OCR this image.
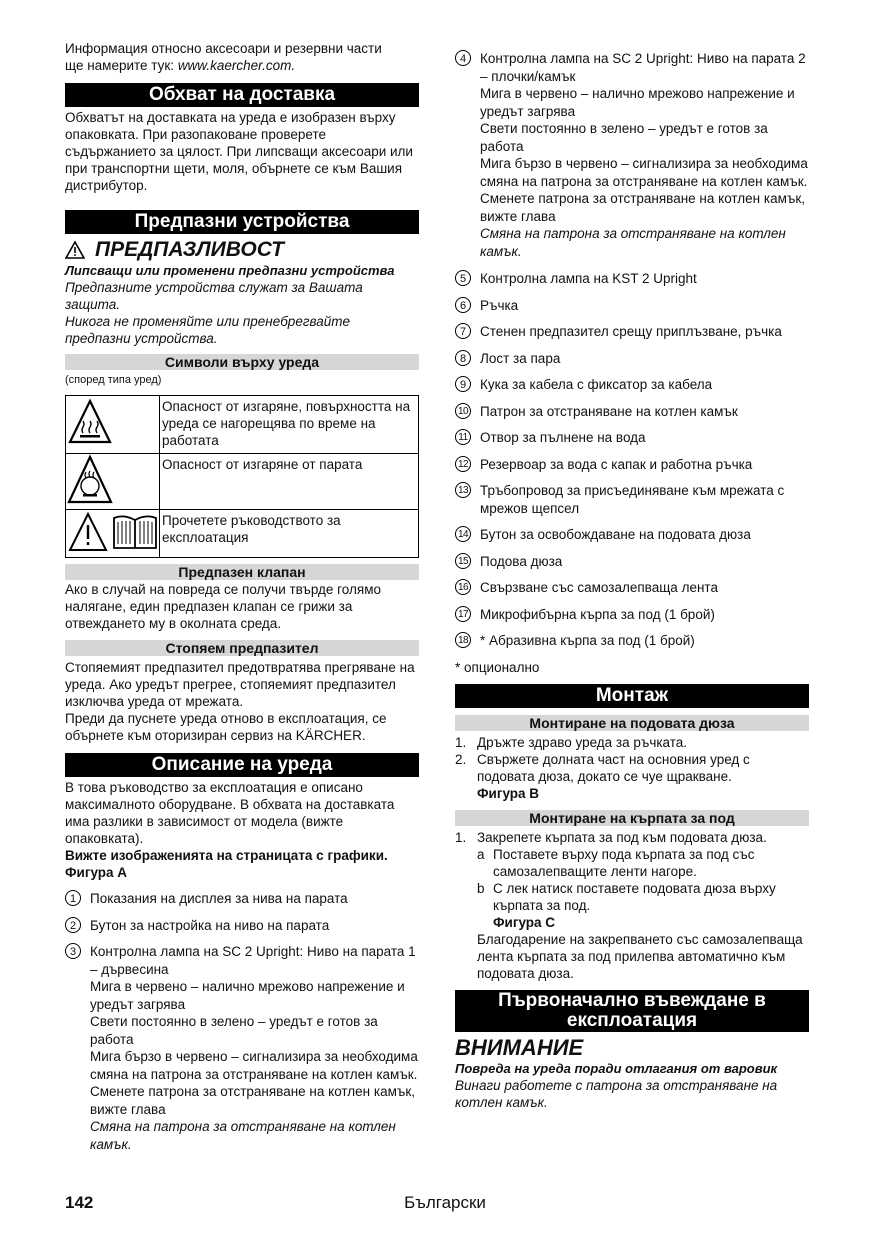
Информация относно аксесоари и резервни части
ще намерите тук: www.kaercher.com.

Обхват на доставка

Обхватът на доставката на уреда е изобразен върху опаковката. При разопаковане проверете съдържанието за цялост. При липсващи аксесоари или при транспортни щети, моля, обърнете се към Вашия дистрибутор.

Предпазни устройства
ПРЕДПАЗЛИВОСТ

Липсващи или променени предпазни устройства

Предпазните устройства служат за Вашата защита.

Никога не променяйте или пренебрегвайте предпазни устройства.

Символи върху уреда

(според типа уред)

	Опасност от изгаряне, повърхността на уреда се нагорещява по време на работата
	Опасност от изгаряне от парата
	Прочетете ръководството за експлоатация
Предпазен клапан

Ако в случай на повреда се получи твърде голямо налягане, един предпазен клапан се грижи за отвеждането му в околната среда.

Стопяем предпазител

Стопяемият предпазител предотвратява прегряване на уреда. Ако уредът прегрее, стопяемият предпазител изключва уреда от мрежата.

Преди да пуснете уреда отново в експлоатация, се обърнете към оторизиран сервиз на KÄRCHER.

Описание на уреда

В това ръководство за експлоатация е описано максималното оборудване. В обхвата на доставката има разлики в зависимост от модела (вижте опаковката).

Вижте изображенията на страницата с графики.

Фигура А

1	Показания на дисплея за нива на парата
2	Бутон за настройка на ниво на парата
3	Контролна лампа на SC 2 Upright: Ниво на парата 1 – дървесина
Мига в червено – налично мрежово напрежение и уредът загрява
Свети постоянно в зелено – уредът е готов за работа
Мига бързо в червено – сигнализира за необходима смяна на патрона за отстраняване на котлен камък. Сменете патрона за отстраняване на котлен камък, вижте глава
Смяна на патрона за отстраняване на котлен камък.
4	Контролна лампа на SC 2 Upright: Ниво на парата 2 – плочки/камък
Мига в червено – налично мрежово напрежение и уредът загрява
Свети постоянно в зелено – уредът е готов за работа
Мига бързо в червено – сигнализира за необходима смяна на патрона за отстраняване на котлен камък. Сменете патрона за отстраняване на котлен камък, вижте глава
Смяна на патрона за отстраняване на котлен камък.
5	Контролна лампа на KST 2 Upright
6	Ръчка
7	Стенен предпазител срещу приплъзване, ръчка
8	Лост за пара
9	Кука за кабела с фиксатор за кабела
10 Патрон за отстраняване на котлен камък
11 Отвор за пълнене на вода
12 Резервоар за вода с капак и работна ръчка
13 Тръбопровод за присъединяване към мрежата с мрежов щепсел
14 Бутон за освобождаване на подовата дюза
15 Подова дюза
16 Свързване със самозалепваща лента
17 Микрофибърна кърпа за под (1 брой)
18 * Абразивна кърпа за под (1 брой)

* опционално

Монтаж
Монтиране на подовата дюза
1. Дръжте здраво уреда за ръчката.
2. Свържете долната част на основния уред с подовата дюза, докато се чуе щракване.
Фигура B
Монтиране на кърпата за под
1. Закрепете кърпата за под към подовата дюза.
a Поставете върху пода кърпата за под със самозалепващите ленти нагоре.
b С лек натиск поставете подовата дюза върху кърпата за под.
Фигура C

Благодарение на закрепването със самозалепваща лента кърпата за под прилепва автоматично към подовата дюза.

Първоначално въвеждане в
експлоатация
ВНИМАНИЕ

Повреда на уреда поради отлагания от варовик

Винаги работете с патрона за отстраняване на котлен камък.

142	Български
